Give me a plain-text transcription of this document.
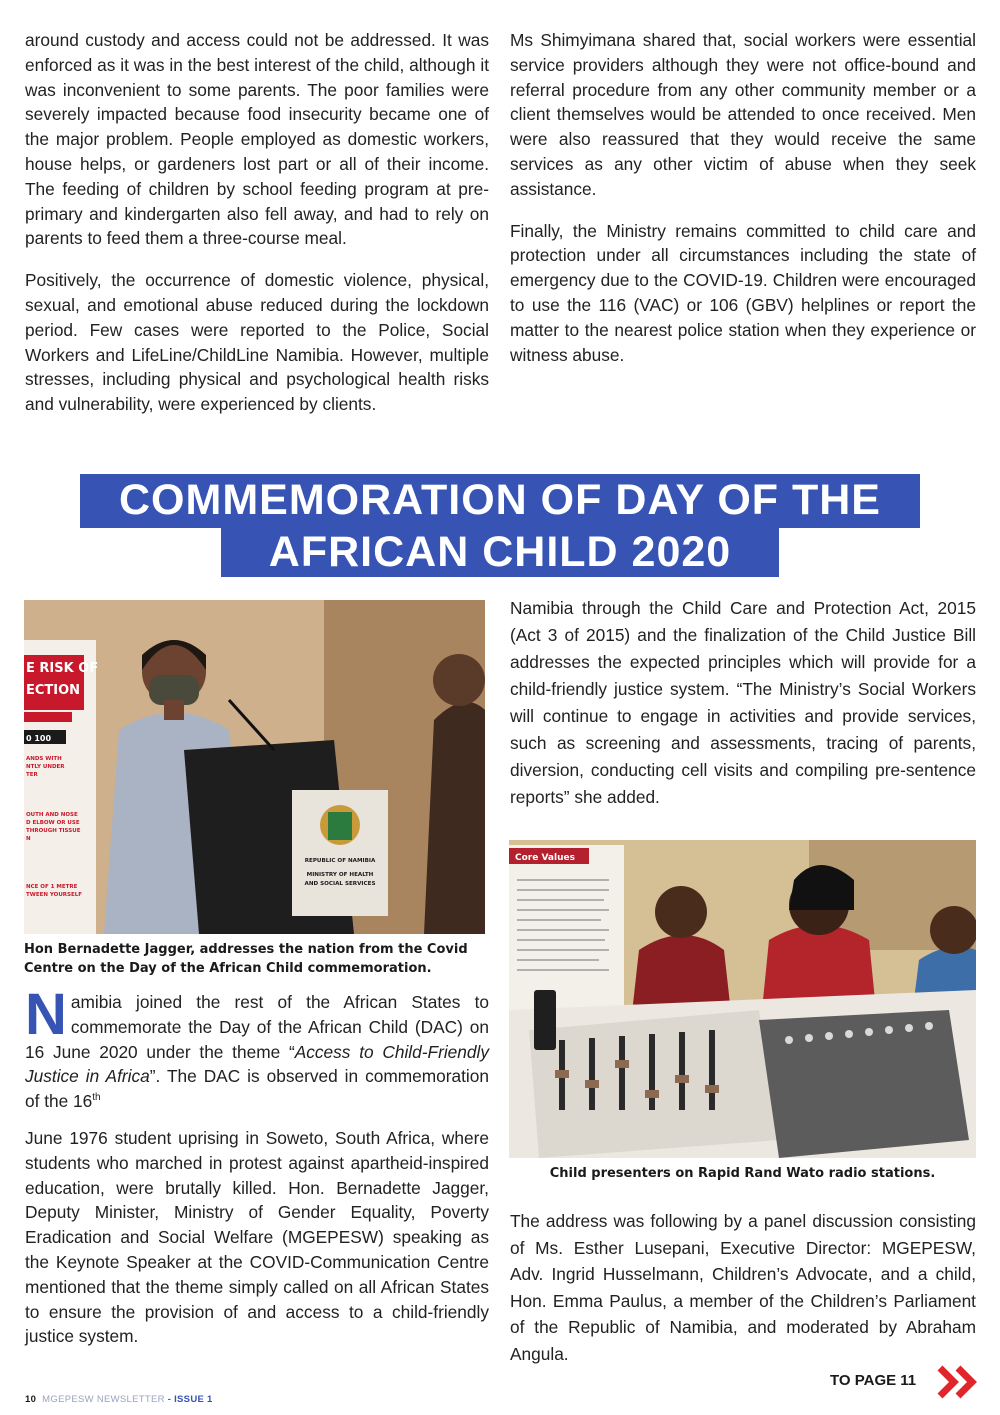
around custody and access could not be addressed. It was enforced as it was in the best interest of the child, although it was inconvenient to some parents. The poor families were severely impacted because food insecurity became one of the major problem. People employed as domestic workers, house helps, or gardeners lost part or all of their income. The feeding of children by school feeding program at pre-primary and kindergarten also fell away, and had to rely on parents to feed them a three-course meal.

Positively, the occurrence of domestic violence, physical, sexual, and emotional abuse reduced during the lockdown period. Few cases were reported to the Police, Social Workers and LifeLine/ChildLine Namibia. However, multiple stresses, including physical and psychological health risks and vulnerability, were experienced by clients.

Ms Shimyimana shared that, social workers were essential service providers although they were not office-bound and referral procedure from any other community member or a client themselves would be attended to once received. Men were also reassured that they would receive the same services as any other victim of abuse when they seek assistance.

Finally, the Ministry remains committed to child care and protection under all circumstances including the state of emergency due to the COVID-19. Children were encouraged to use the 116 (VAC) or 106 (GBV) helplines or report the matter to the nearest police station when they experience or witness abuse.

COMMEMORATION OF DAY OF THE
AFRICAN CHILD 2020
E RISK OF
ECTION
ase call
0 100
ANDS WITH
NTLY UNDER
TER
OUTH AND NOSE
D ELBOW OR USE
THROUGH TISSUE
N
NCE OF 1 METRE
TWEEN YOURSELF
REPUBLIC OF NAMIBIA
MINISTRY OF HEALTH
AND SOCIAL SERVICES
Hon Bernadette Jagger, addresses the nation from the Covid Centre on the Day of the African Child commemoration.

Namibia joined the rest of the African States to commemorate the Day of the African Child (DAC) on 16 June 2020 under the theme “Access to Child-Friendly Justice in Africa”. The DAC is observed in commemoration of the 16th

June 1976 student uprising in Soweto, South Africa, where students who marched in protest against apartheid-inspired education, were brutally killed. Hon. Bernadette Jagger, Deputy Minister, Ministry of Gender Equality, Poverty Eradication and Social Welfare (MGEPESW) speaking as the Keynote Speaker at the COVID-Communication Centre mentioned that the theme simply called on all African States to ensure the provision of and access to a child-friendly justice system.

Namibia through the Child Care and Protection Act, 2015 (Act 3 of 2015) and the finalization of the Child Justice Bill addresses the expected principles which will provide for a child-friendly justice system. “The Ministry’s Social Workers will continue to engage in activities and provide services, such as screening and assessments, tracing of parents, diversion, conducting cell visits and compiling pre-sentence reports” she added.

Core Values
Child presenters on Rapid Rand Wato radio stations.

The address was following by a panel discussion consisting of Ms. Esther Lusepani, Executive Director: MGEPESW, Adv. Ingrid Husselmann, Children’s Advocate, and a child, Hon. Emma Paulus, a member of the Children’s Parliament of the Republic of Namibia, and moderated by Abraham Angula.

10 MGEPESW NEWSLETTER - ISSUE 1
TO PAGE 11
